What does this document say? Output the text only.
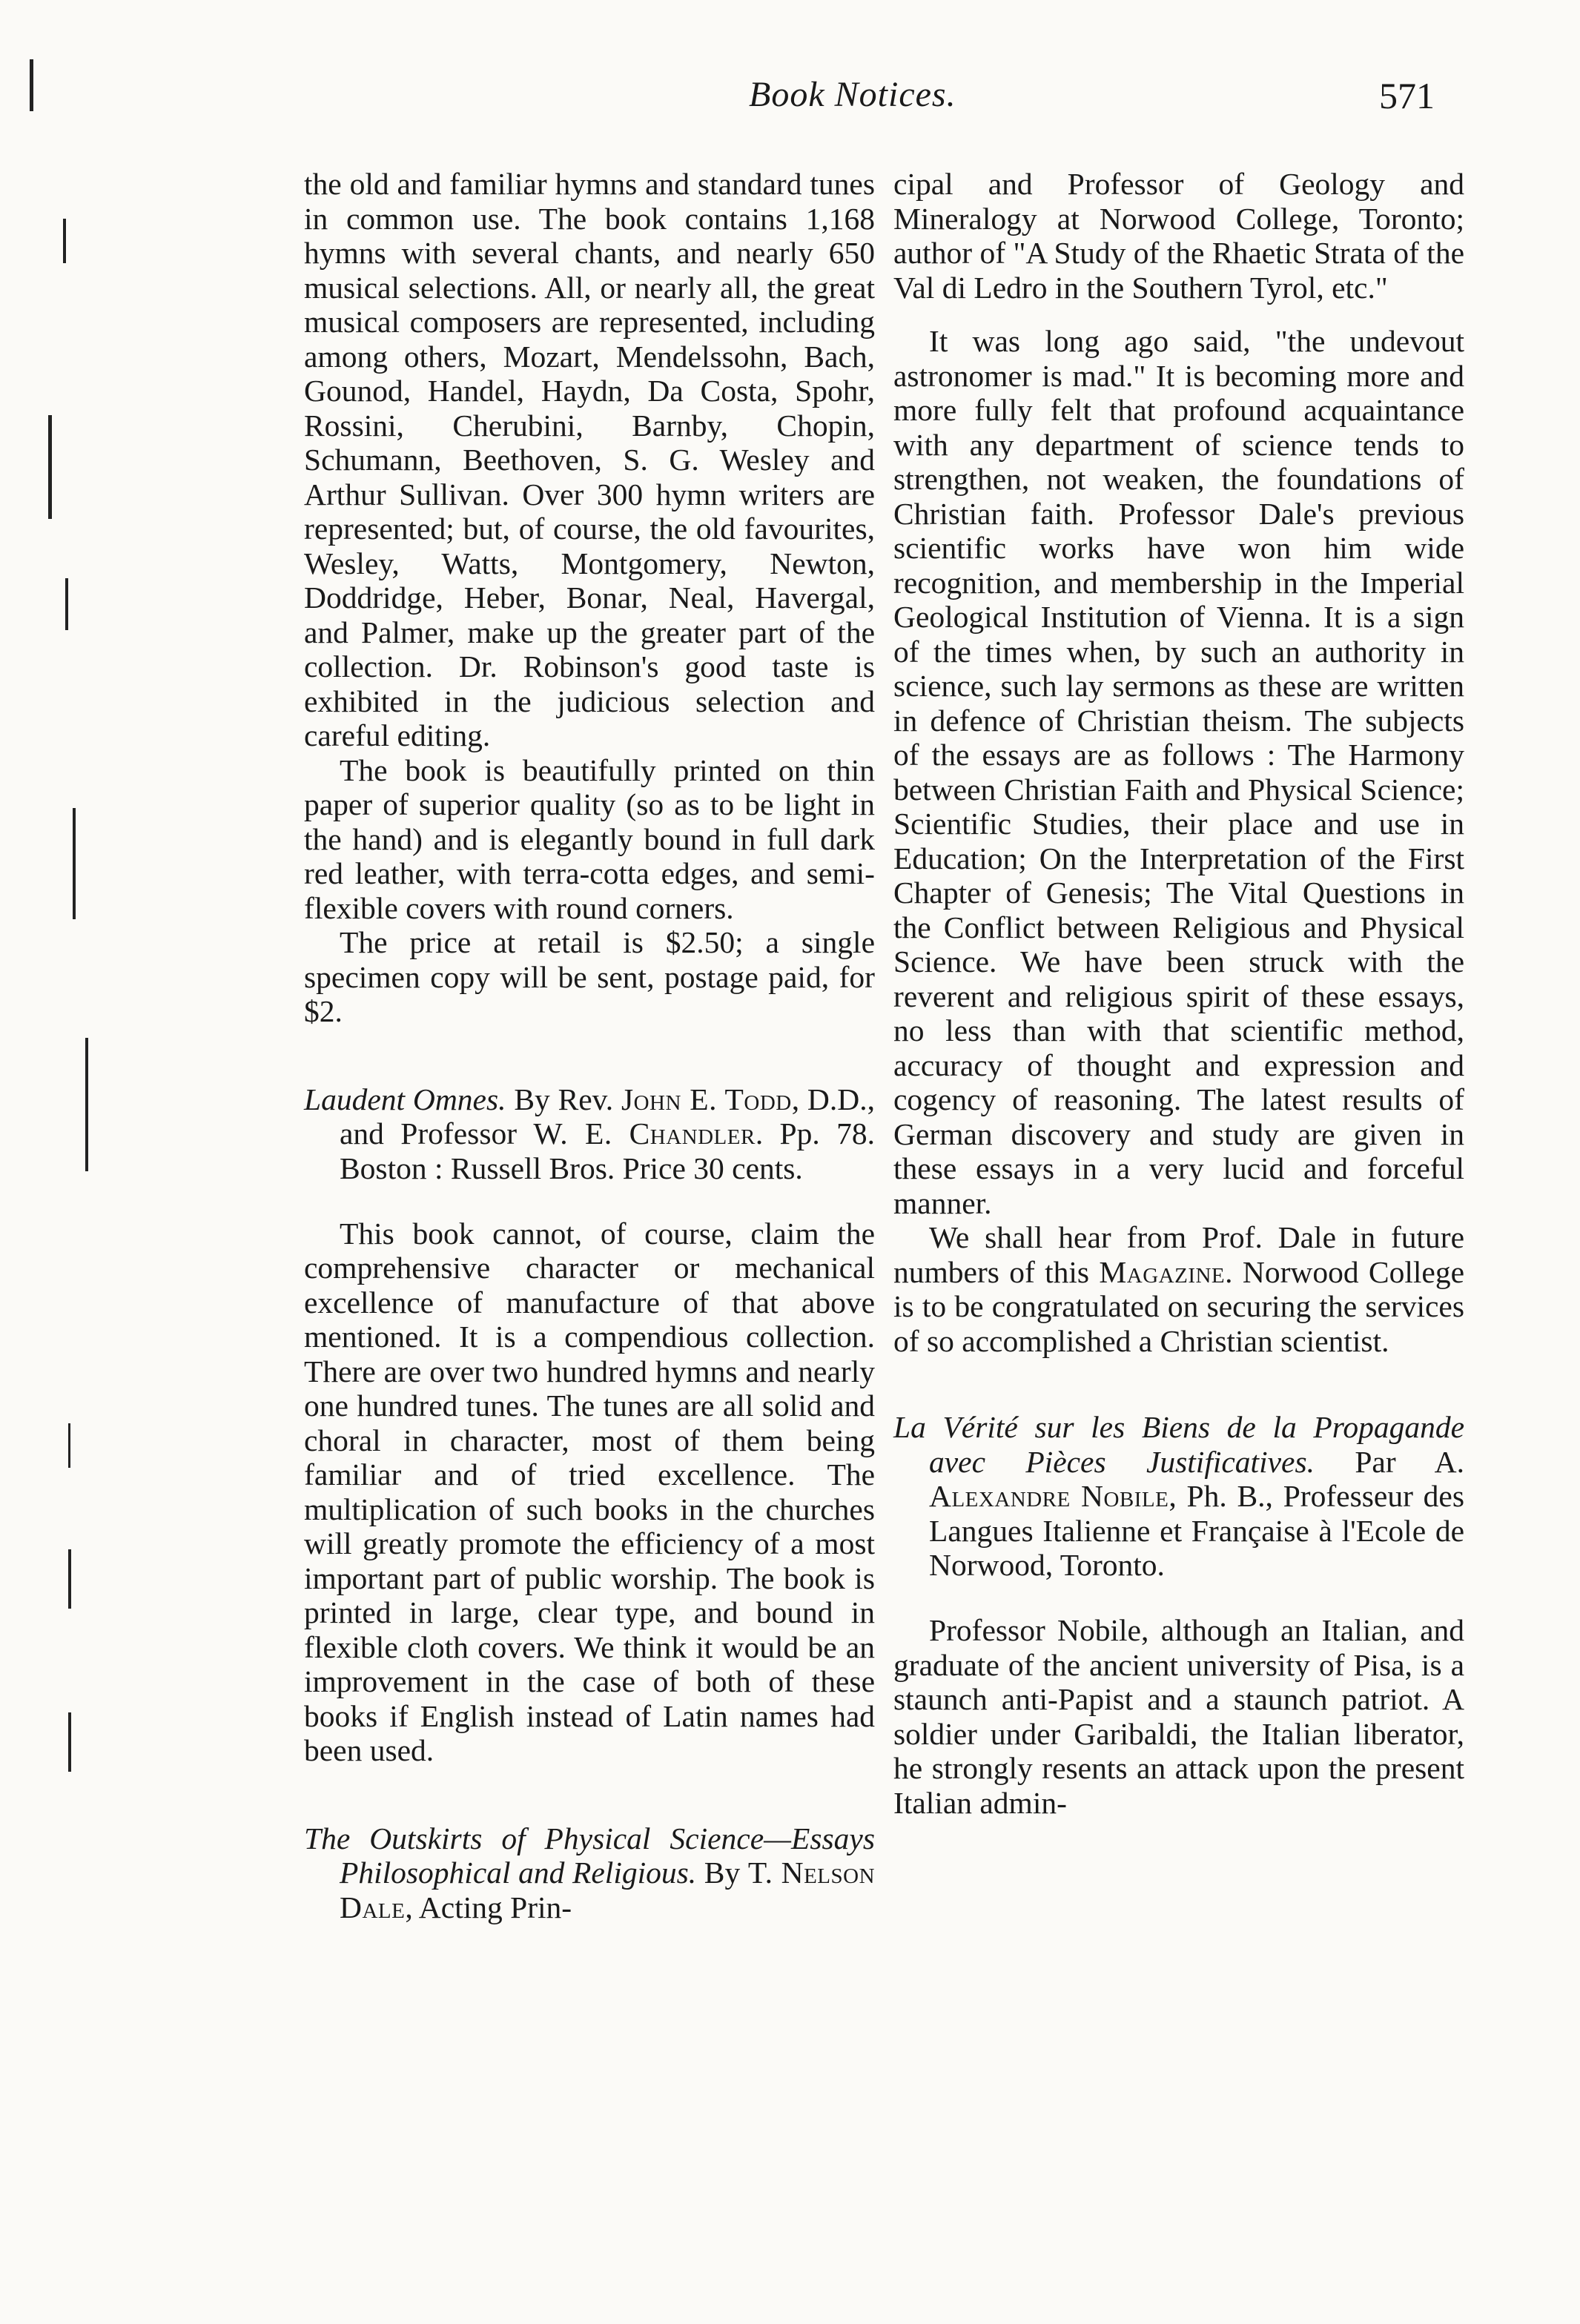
Book Notices.	571

the old and familiar hymns and standard tunes in common use. The book contains 1,168 hymns with several chants, and nearly 650 musical selections. All, or nearly all, the great musical composers are represented, including among others, Mozart, Mendelssohn, Bach, Gounod, Handel, Haydn, Da Costa, Spohr, Rossini, Cherubini, Barnby, Chopin, Schumann, Beethoven, S. G. Wesley and Arthur Sullivan. Over 300 hymn writers are represented; but, of course, the old favourites, Wesley, Watts, Montgomery, Newton, Doddridge, Heber, Bonar, Neal, Havergal, and Palmer, make up the greater part of the collection. Dr. Robinson's good taste is exhibited in the judicious selection and careful editing.

The book is beautifully printed on thin paper of superior quality (so as to be light in the hand) and is elegantly bound in full dark red leather, with terra-cotta edges, and semi-flexible covers with round corners.

The price at retail is $2.50; a single specimen copy will be sent, postage paid, for $2.

Laudent Omnes. By Rev. John E. Todd, D.D., and Professor W. E. Chandler. Pp. 78. Boston : Russell Bros. Price 30 cents.

This book cannot, of course, claim the comprehensive character or mechanical excellence of manufacture of that above mentioned. It is a compendious collection. There are over two hundred hymns and nearly one hundred tunes. The tunes are all solid and choral in character, most of them being familiar and of tried excellence. The multiplication of such books in the churches will greatly promote the efficiency of a most important part of public worship. The book is printed in large, clear type, and bound in flexible cloth covers. We think it would be an improvement in the case of both of these books if English instead of Latin names had been used.

The Outskirts of Physical Science—Essays Philosophical and Religious. By T. Nelson Dale, Acting Prin-

cipal and Professor of Geology and Mineralogy at Norwood College, Toronto; author of "A Study of the Rhaetic Strata of the Val di Ledro in the Southern Tyrol, etc."

It was long ago said, "the undevout astronomer is mad." It is becoming more and more fully felt that profound acquaintance with any department of science tends to strengthen, not weaken, the foundations of Christian faith. Professor Dale's previous scientific works have won him wide recognition, and membership in the Imperial Geological Institution of Vienna. It is a sign of the times when, by such an authority in science, such lay sermons as these are written in defence of Christian theism. The subjects of the essays are as follows : The Harmony between Christian Faith and Physical Science; Scientific Studies, their place and use in Education; On the Interpretation of the First Chapter of Genesis; The Vital Questions in the Conflict between Religious and Physical Science. We have been struck with the reverent and religious spirit of these essays, no less than with that scientific method, accuracy of thought and expression and cogency of reasoning. The latest results of German discovery and study are given in these essays in a very lucid and forceful manner.

We shall hear from Prof. Dale in future numbers of this Magazine. Norwood College is to be congratulated on securing the services of so accomplished a Christian scientist.

La Vérité sur les Biens de la Propagande avec Pièces Justificatives. Par A. Alexandre Nobile, Ph. B., Professeur des Langues Italienne et Française à l'Ecole de Norwood, Toronto.

Professor Nobile, although an Italian, and graduate of the ancient university of Pisa, is a staunch anti-Papist and a staunch patriot. A soldier under Garibaldi, the Italian liberator, he strongly resents an attack upon the present Italian admin-
